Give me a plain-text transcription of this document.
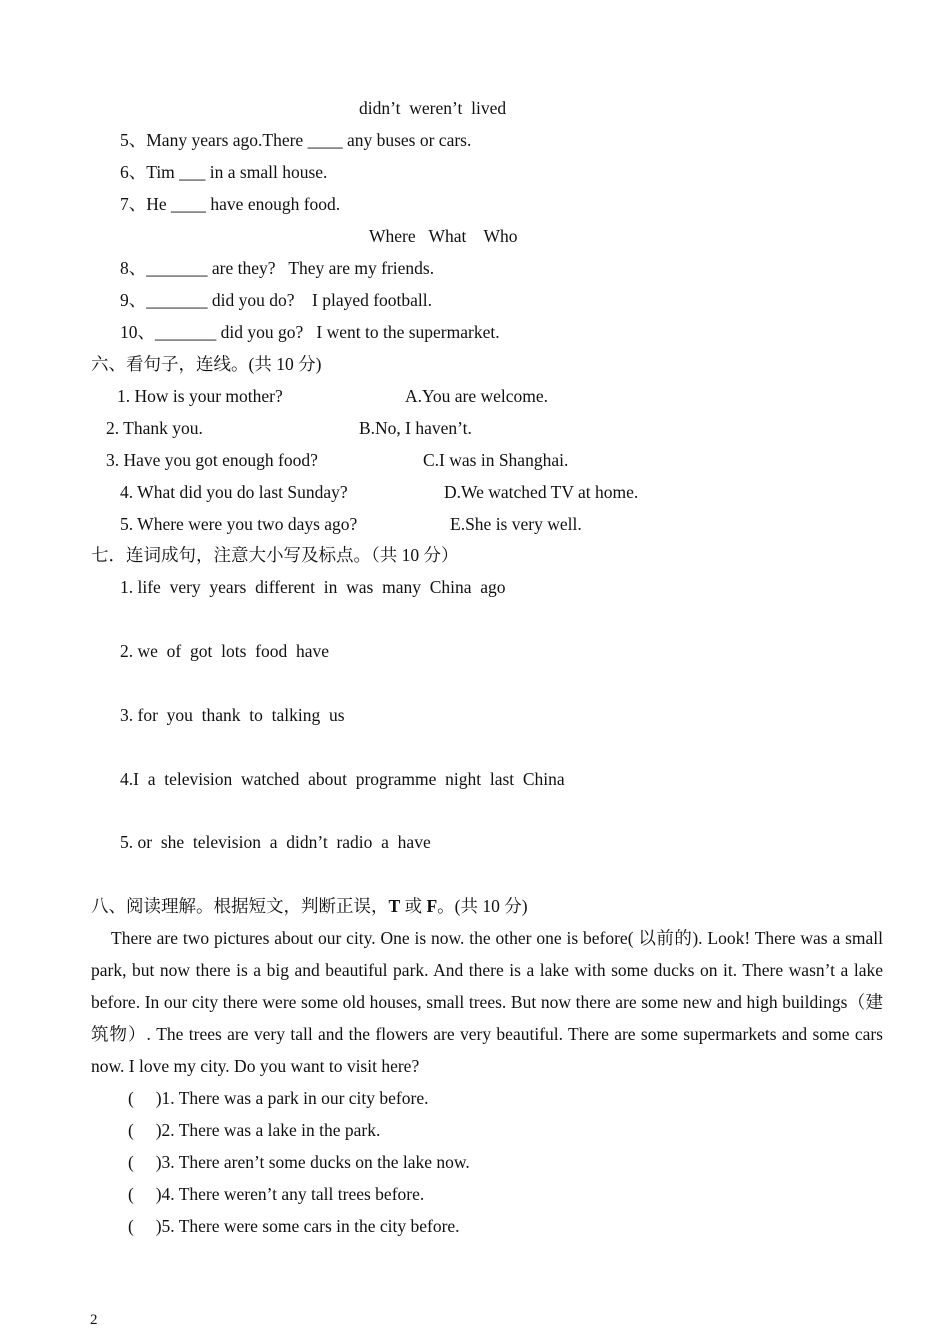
didn’t  weren’t  lived
5、Many years ago.There ____ any buses or cars.
6、Tim ___ in a small house.
7、He ____ have enough food.
Where   What    Who
8、_______ are they?   They are my friends.
9、_______ did you do?    I played football.
10、_______ did you go?   I went to the supermarket.
六、看句子，连线。(共 10 分)
1. How is your mother?	A.You are welcome.
2. Thank you.	B.No, I haven’t.
3. Have you got enough food?	C.I was in Shanghai.
4. What did you do last Sunday?	D.We watched TV at home.
5. Where were you two days ago?	E.She is very well.
七．连词成句，注意大小写及标点。（共 10 分）
1. life  very  years  different  in  was  many  China  ago
2. we  of  got  lots  food  have
3. for  you  thank  to  talking  us
4.I  a  television  watched  about  programme  night  last  China
5. or  she  television  a  didn’t  radio  a  have
八、阅读理解。根据短文，判断正误，T 或 F。(共 10 分)
There are two pictures about our city. One is now. the other one is before( 以前的). Look! There was a small park, but now there is a big and beautiful park. And there is a lake with some ducks on it. There wasn’t a lake before. In our city there were some old houses, small trees. But now there are some new and high buildings（建筑物）. The trees are very tall and the flowers are very beautiful. There are some supermarkets and some cars now. I love my city. Do you want to visit here?
(     )1. There was a park in our city before.
(     )2. There was a lake in the park.
(     )3. There aren’t some ducks on the lake now.
(     )4. There weren’t any tall trees before.
(     )5. There were some cars in the city before.
2
